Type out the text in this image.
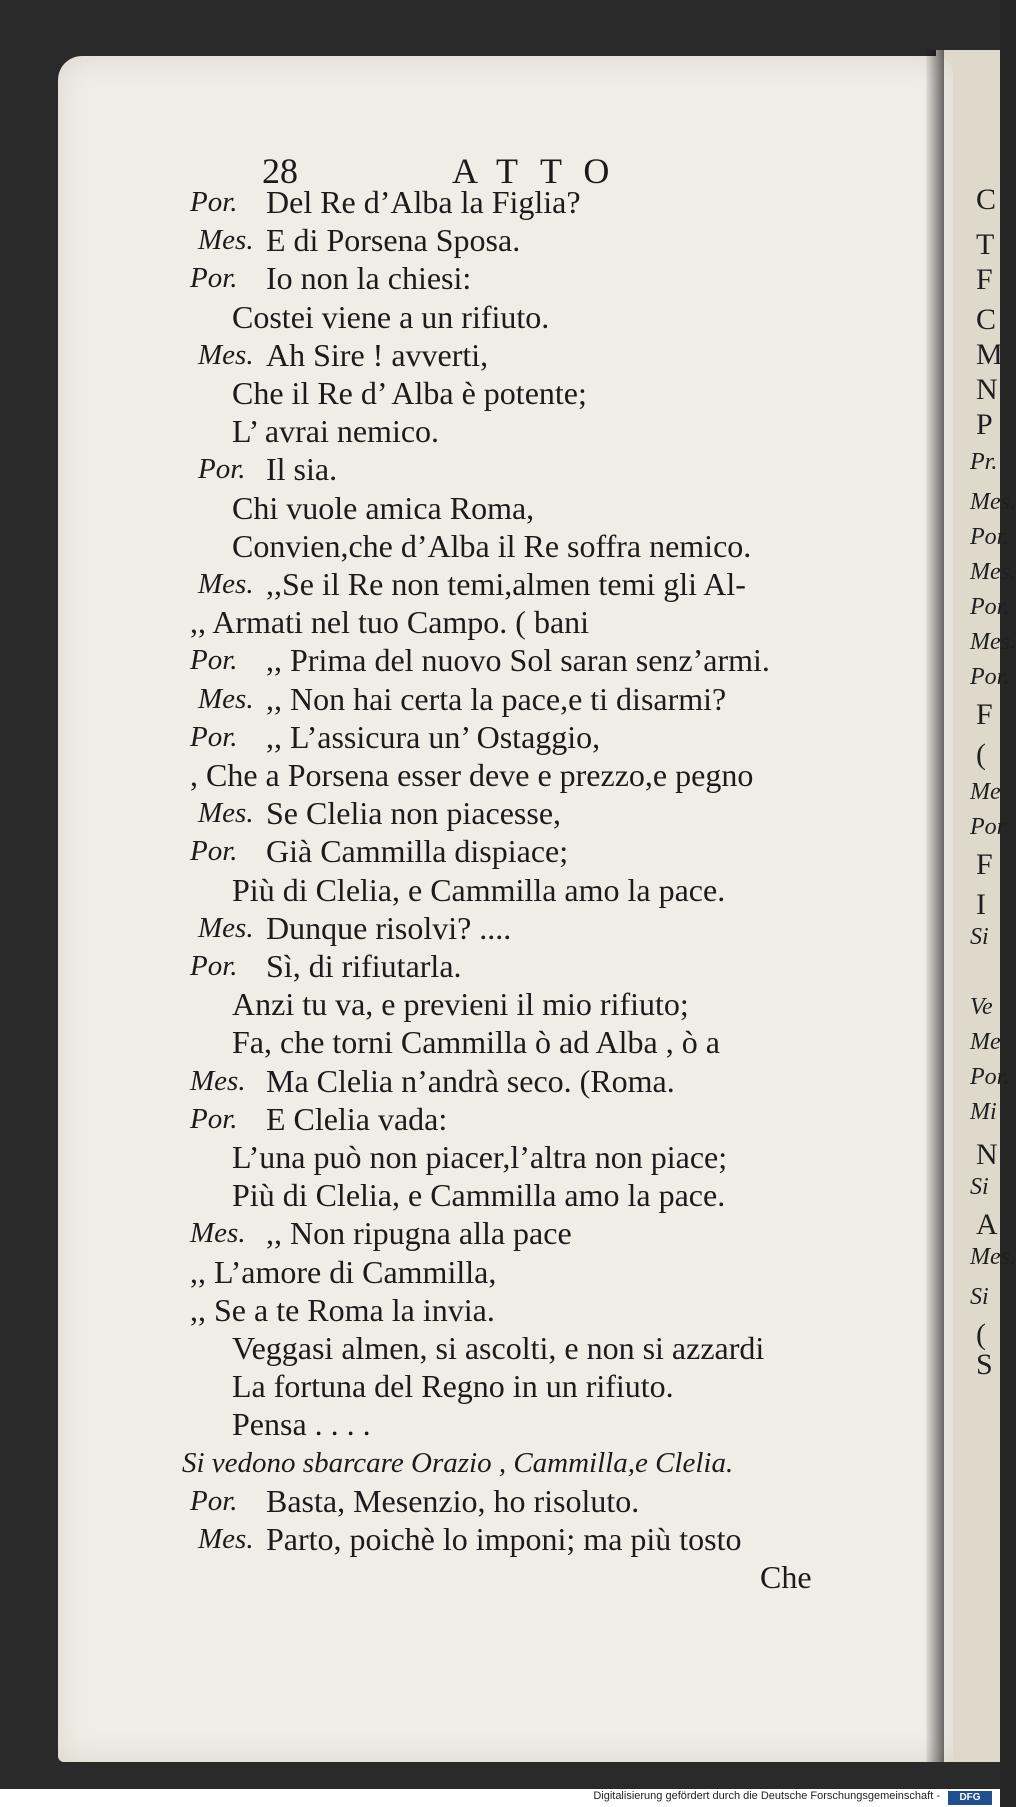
C
T
F
C
M
N
P
Pr.
Mes.
Por.
Mes.
Por.
Mes.
Por.
F
(
Me
Por
F
I
Si
Ve
Me
Por.
Mi
N
Si
A
Mes.
Si
(
S
28	ATTO
Por. Del Re d’Alba la Figlia?
Mes. E di Porsena Sposa.
Por. Io non la chiesi:
Costei viene a un rifiuto.
Mes. Ah Sire ! avverti,
Che il Re d’ Alba è potente;
L’ avrai nemico.
Por. Il sia.
Chi vuole amica Roma,
Convien,che d’Alba il Re soffra nemico.
Mes. ,,Se il Re non temi,almen temi gli Al-
,, Armati nel tuo Campo. ( bani
Por. ,, Prima del nuovo Sol saran senz’armi.
Mes. ,, Non hai certa la pace,e ti disarmi?
Por. ,, L’assicura un’ Ostaggio,
, Che a Porsena esser deve e prezzo,e pegno
Mes. Se Clelia non piacesse,
Por. Già Cammilla dispiace;
Più di Clelia, e Cammilla amo la pace.
Mes. Dunque risolvi? ....
Por. Sì, di rifiutarla.
Anzi tu va, e previeni il mio rifiuto;
Fa, che torni Cammilla ò ad Alba , ò a
Mes. Ma Clelia n’andrà seco. (Roma.
Por. E Clelia vada:
L’una può non piacer,l’altra non piace;
Più di Clelia, e Cammilla amo la pace.
Mes. ,, Non ripugna alla pace
,, L’amore di Cammilla,
,, Se a te Roma la invia.
Veggasi almen, si ascolti, e non si azzardi
La fortuna del Regno in un rifiuto.
Pensa . . . .
Si vedono sbarcare Orazio , Cammilla,e Clelia.
Por. Basta, Mesenzio, ho risoluto.
Mes. Parto, poichè lo imponi; ma più tosto
Che
Digitalisierung gefördert durch die Deutsche Forschungsgemeinschaft -	DFG
